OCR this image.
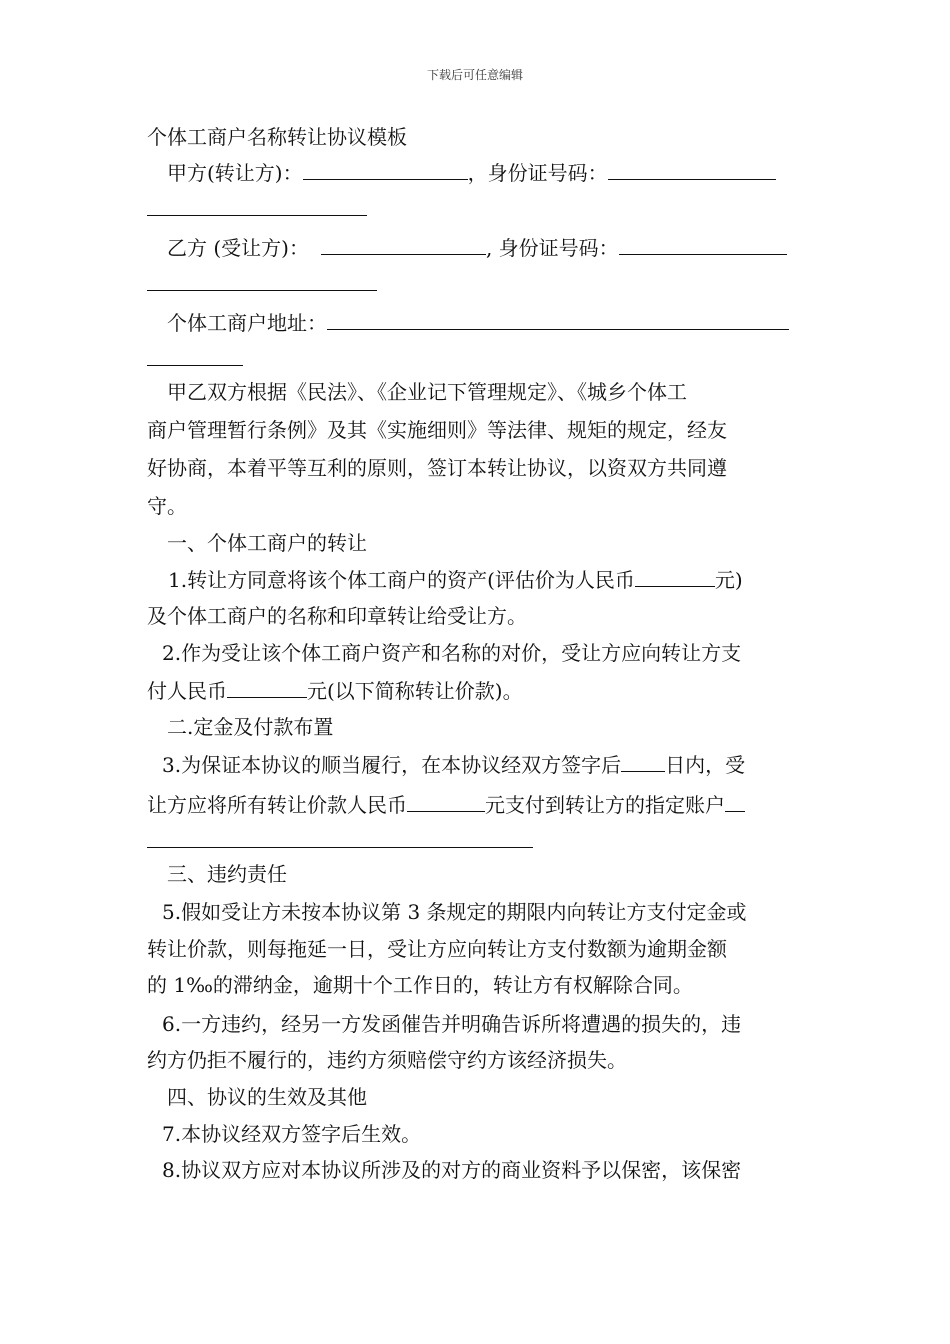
下载后可任意编辑
个体工商户名称转让协议模板
甲方(转让方)：	，身份证号码：
乙方 (受让方)：	, 身份证号码：
个体工商户地址：
甲乙双方根据《民法》、《企业记下管理规定》、《城乡个体工
商户管理暂行条例》及其《实施细则》等法律、规矩的规定，经友
好协商，本着平等互利的原则，签订本转让协议，以资双方共同遵
守。
一、个体工商户的转让
1.转让方同意将该个体工商户的资产(评估价为人民币	元)
及个体工商户的名称和印章转让给受让方。
2.作为受让该个体工商户资产和名称的对价，受让方应向转让方支
付人民币	元(以下简称转让价款)。
二.定金及付款布置
3.为保证本协议的顺当履行，在本协议经双方签字后 日内，受
让方应将所有转让价款人民币	元支付到转让方的指定账户
三、违约责任
5.假如受让方未按本协议第 3 条规定的期限内向转让方支付定金或
转让价款，则每拖延一日，受让方应向转让方支付数额为逾期金额
的 1‰的滞纳金，逾期十个工作日的，转让方有权解除合同。
6.一方违约，经另一方发函催告并明确告诉所将遭遇的损失的，违
约方仍拒不履行的，违约方须赔偿守约方该经济损失。
四、协议的生效及其他
7.本协议经双方签字后生效。
8.协议双方应对本协议所涉及的对方的商业资料予以保密，该保密
